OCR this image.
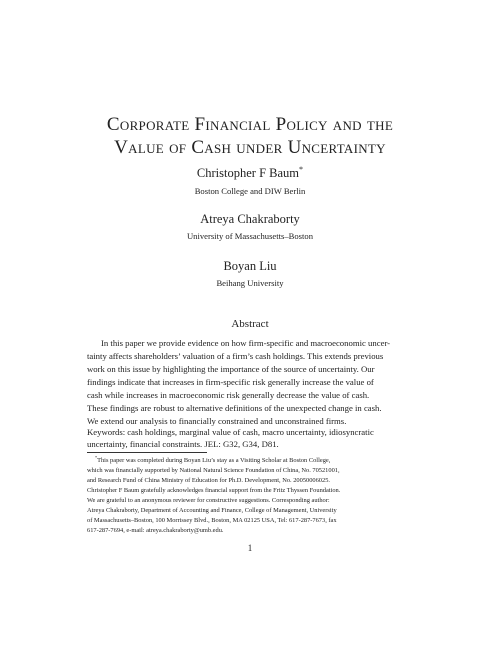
Corporate Financial Policy and the
Value of Cash under Uncertainty
Christopher F Baum*
Boston College and DIW Berlin
Atreya Chakraborty
University of Massachusetts–Boston
Boyan Liu
Beihang University
Abstract
In this paper we provide evidence on how firm-specific and macroeconomic uncer-
tainty affects shareholders’ valuation of a firm’s cash holdings. This extends previous
work on this issue by highlighting the importance of the source of uncertainty. Our
findings indicate that increases in firm-specific risk generally increase the value of
cash while increases in macroeconomic risk generally decrease the value of cash.
These findings are robust to alternative definitions of the unexpected change in cash.
We extend our analysis to financially constrained and unconstrained firms.
Keywords: cash holdings, marginal value of cash, macro uncertainty, idiosyncratic
uncertainty, financial constraints. JEL: G32, G34, D81.
*This paper was completed during Boyan Liu’s stay as a Visiting Scholar at Boston College,
which was financially supported by National Natural Science Foundation of China, No. 70521001,
and Research Fund of China Ministry of Education for Ph.D. Development, No. 20050006025.
Christopher F Baum gratefully acknowledges financial support from the Fritz Thyssen Foundation.
We are grateful to an anonymous reviewer for constructive suggestions. Corresponding author:
Atreya Chakraborty, Department of Accounting and Finance, College of Management, University
of Massachusetts–Boston, 100 Morrissey Blvd., Boston, MA 02125 USA, Tel: 617-287-7673, fax
617-287-7694, e-mail: atreya.chakraborty@umb.edu.
1
